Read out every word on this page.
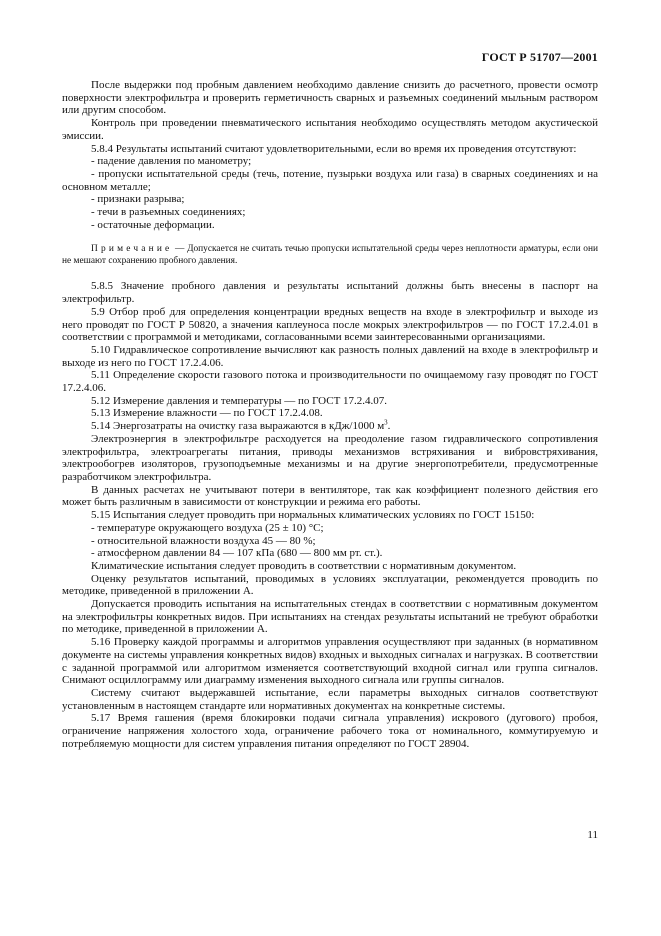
ГОСТ Р 51707—2001

После выдержки под пробным давлением необходимо давление снизить до расчетного, провести осмотр поверхности электрофильтра и проверить герметичность сварных и разъемных соединений мыльным раствором или другим способом.

Контроль при проведении пневматического испытания необходимо осуществлять методом акустической эмиссии.

5.8.4 Результаты испытаний считают удовлетворительными, если во время их проведения отсутствуют:

- падение давления по манометру;

- пропуски испытательной среды (течь, потение, пузырьки воздуха или газа) в сварных соединениях и на основном металле;

- признаки разрыва;

- течи в разъемных соединениях;

- остаточные деформации.

Примечание — Допускается не считать течью пропуски испытательной среды через неплотности арматуры, если они не мешают сохранению пробного давления.

5.8.5 Значение пробного давления и результаты испытаний должны быть внесены в паспорт на электрофильтр.

5.9 Отбор проб для определения концентрации вредных веществ на входе в электрофильтр и выходе из него проводят по ГОСТ Р 50820, а значения каплеуноса после мокрых электрофильтров — по ГОСТ 17.2.4.01 в соответствии с программой и методиками, согласованными всеми заинтересованными организациями.

5.10 Гидравлическое сопротивление вычисляют как разность полных давлений на входе в электрофильтр и выходе из него по ГОСТ 17.2.4.06.

5.11 Определение скорости газового потока и производительности по очищаемому газу проводят по ГОСТ 17.2.4.06.

5.12 Измерение давления и температуры — по ГОСТ 17.2.4.07.

5.13 Измерение влажности — по ГОСТ 17.2.4.08.

5.14 Энергозатраты на очистку газа выражаются в кДж/1000 $м^3$.

Электроэнергия в электрофильтре расходуется на преодоление газом гидравлического сопротивления электрофильтра, электроагрегаты питания, приводы механизмов встряхивания и вибровстряхивания, электрообогрев изоляторов, грузоподъемные механизмы и на другие энергопотребители, предусмотренные разработчиком электрофильтра.

В данных расчетах не учитывают потери в вентиляторе, так как коэффициент полезного действия его может быть различным в зависимости от конструкции и режима его работы.

5.15 Испытания следует проводить при нормальных климатических условиях по ГОСТ 15150:

- температуре окружающего воздуха (25 ± 10) °С;

- относительной влажности воздуха 45 — 80 %;

- атмосферном давлении 84 — 107 кПа (680 — 800 мм рт. ст.).

Климатические испытания следует проводить в соответствии с нормативным документом.

Оценку результатов испытаний, проводимых в условиях эксплуатации, рекомендуется проводить по методике, приведенной в приложении А.

Допускается проводить испытания на испытательных стендах в соответствии с нормативным документом на электрофильтры конкретных видов. При испытаниях на стендах результаты испытаний не требуют обработки по методике, приведенной в приложении А.

5.16 Проверку каждой программы и алгоритмов управления осуществляют при заданных (в нормативном документе на системы управления конкретных видов) входных и выходных сигналах и нагрузках. В соответствии с заданной программой или алгоритмом изменяется соответствующий входной сигнал или группа сигналов. Снимают осциллограмму или диаграмму изменения выходного сигнала или группы сигналов.

Систему считают выдержавшей испытание, если параметры выходных сигналов соответствуют установленным в настоящем стандарте или нормативных документах на конкретные системы.

5.17 Время гашения (время блокировки подачи сигнала управления) искрового (дугового) пробоя, ограничение напряжения холостого хода, ограничение рабочего тока от номинального, коммутируемую и потребляемую мощности для систем управления питания определяют по ГОСТ 28904.

11
